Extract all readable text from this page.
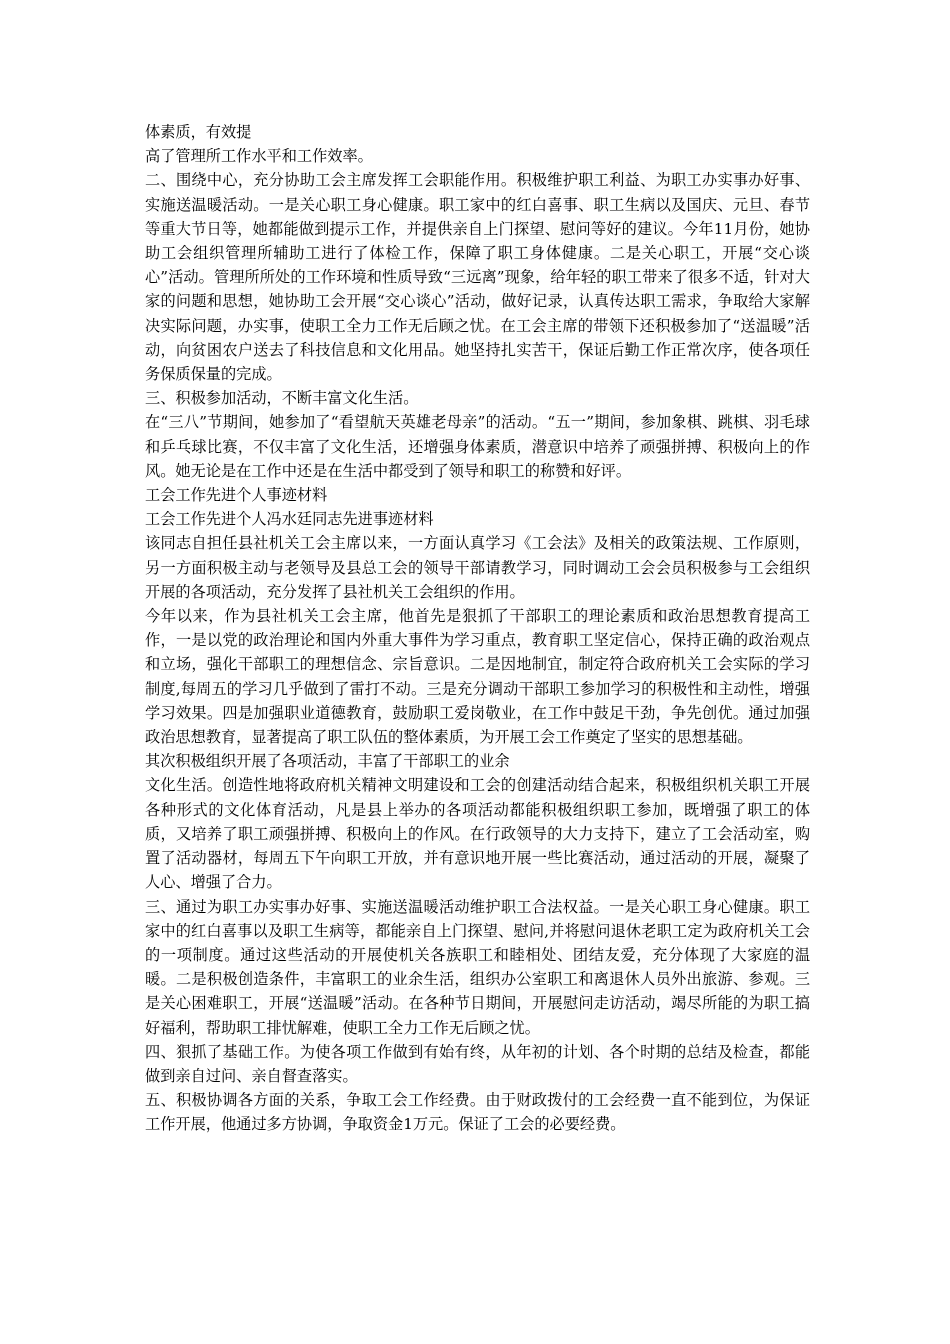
体素质，有效提

高了管理所工作水平和工作效率。

二、围绕中心，充分协助工会主席发挥工会职能作用。积极维护职工利益、为职工办实事办好事、实施送温暖活动。一是关心职工身心健康。职工家中的红白喜事、职工生病以及国庆、元旦、春节等重大节日等，她都能做到提示工作，并提供亲自上门探望、慰问等好的建议。今年11月份，她协助工会组织管理所辅助工进行了体检工作，保障了职工身体健康。二是关心职工，开展“交心谈心”活动。管理所所处的工作环境和性质导致“三远离”现象，给年轻的职工带来了很多不适，针对大家的问题和思想，她协助工会开展“交心谈心”活动，做好记录，认真传达职工需求，争取给大家解决实际问题，办实事，使职工全力工作无后顾之忧。在工会主席的带领下还积极参加了“送温暖”活动，向贫困农户送去了科技信息和文化用品。她坚持扎实苦干，保证后勤工作正常次序，使各项任务保质保量的完成。

三、积极参加活动，不断丰富文化生活。

在“三八”节期间，她参加了“看望航天英雄老母亲”的活动。“五一”期间，参加象棋、跳棋、羽毛球和乒乓球比赛，不仅丰富了文化生活，还增强身体素质，潜意识中培养了顽强拼搏、积极向上的作风。她无论是在工作中还是在生活中都受到了领导和职工的称赞和好评。

工会工作先进个人事迹材料

工会工作先进个人冯水廷同志先进事迹材料

该同志自担任县社机关工会主席以来，一方面认真学习《工会法》及相关的政策法规、工作原则，另一方面积极主动与老领导及县总工会的领导干部请教学习，同时调动工会会员积极参与工会组织开展的各项活动，充分发挥了县社机关工会组织的作用。

今年以来，作为县社机关工会主席，他首先是狠抓了干部职工的理论素质和政治思想教育提高工作，一是以党的政治理论和国内外重大事件为学习重点，教育职工坚定信心，保持正确的政治观点和立场，强化干部职工的理想信念、宗旨意识。二是因地制宜，制定符合政府机关工会实际的学习制度,每周五的学习几乎做到了雷打不动。三是充分调动干部职工参加学习的积极性和主动性，增强学习效果。四是加强职业道德教育，鼓励职工爱岗敬业，在工作中鼓足干劲，争先创优。通过加强政治思想教育，显著提高了职工队伍的整体素质，为开展工会工作奠定了坚实的思想基础。

其次积极组织开展了各项活动，丰富了干部职工的业余

文化生活。创造性地将政府机关精神文明建设和工会的创建活动结合起来，积极组织机关职工开展各种形式的文化体育活动，凡是县上举办的各项活动都能积极组织职工参加，既增强了职工的体质，又培养了职工顽强拼搏、积极向上的作风。在行政领导的大力支持下，建立了工会活动室，购置了活动器材，每周五下午向职工开放，并有意识地开展一些比赛活动，通过活动的开展，凝聚了人心、增强了合力。

三、通过为职工办实事办好事、实施送温暖活动维护职工合法权益。一是关心职工身心健康。职工家中的红白喜事以及职工生病等，都能亲自上门探望、慰问,并将慰问退休老职工定为政府机关工会的一项制度。通过这些活动的开展使机关各族职工和睦相处、团结友爱，充分体现了大家庭的温暖。二是积极创造条件，丰富职工的业余生活，组织办公室职工和离退休人员外出旅游、参观。三是关心困难职工，开展“送温暖”活动。在各种节日期间，开展慰问走访活动，竭尽所能的为职工搞好福利，帮助职工排忧解难，使职工全力工作无后顾之忧。

四、狠抓了基础工作。为使各项工作做到有始有终，从年初的计划、各个时期的总结及检查，都能做到亲自过问、亲自督查落实。

五、积极协调各方面的关系，争取工会工作经费。由于财政拨付的工会经费一直不能到位，为保证工作开展，他通过多方协调，争取资金1万元。保证了工会的必要经费。
